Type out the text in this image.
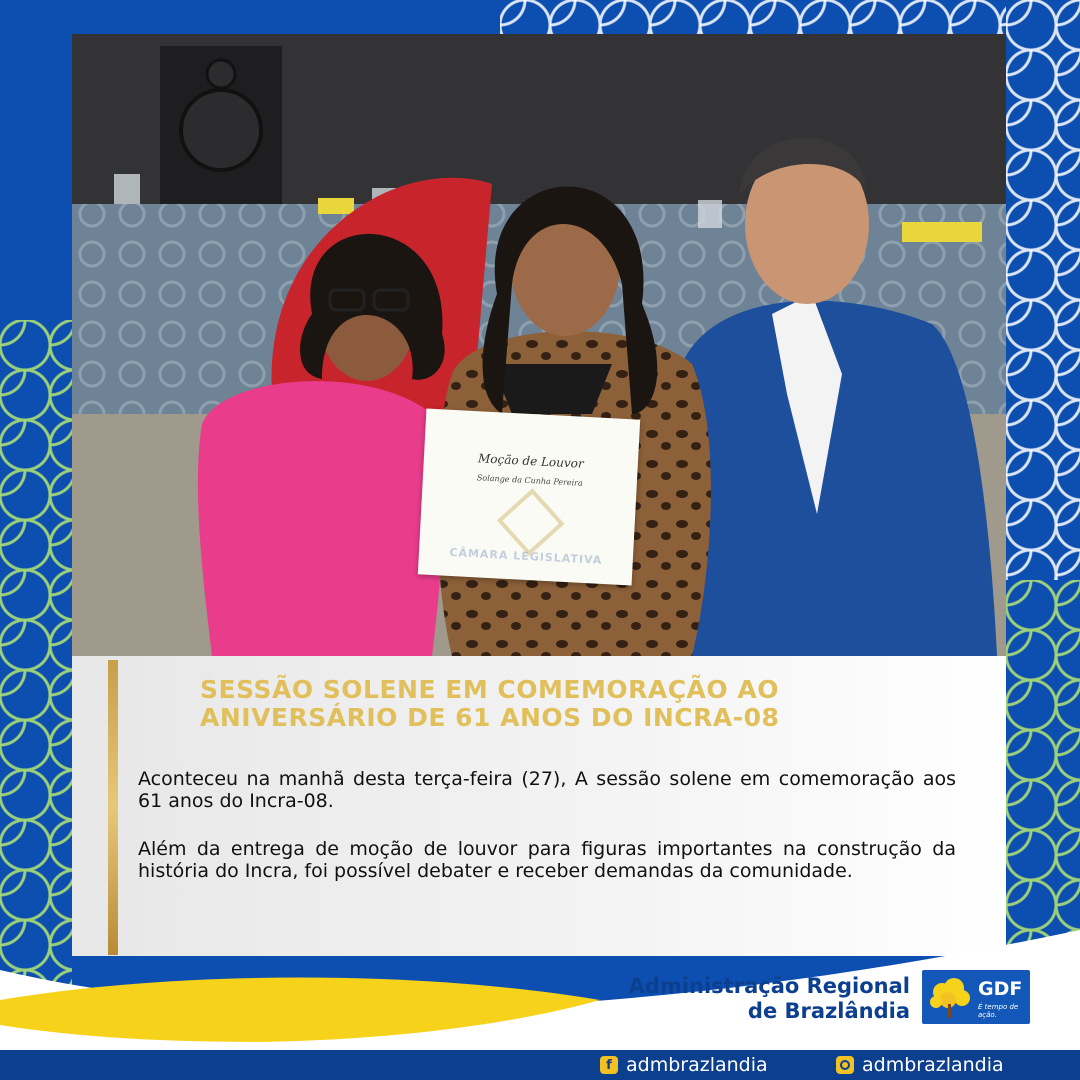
Moção de Louvor
Solange da Cunha Pereira
CÂMARA LEGISLATIVA
SESSÃO SOLENE EM COMEMORAÇÃO AO
ANIVERSÁRIO DE 61 ANOS DO INCRA-08
Aconteceu na manhã desta terça-feira (27), A sessão solene em comemoração aos 61 anos do Incra-08.
Além da entrega de moção de louvor para figuras importantes na construção da história do Incra, foi possível debater e receber demandas da comunidade.
Administração Regional
de Brazlândia
GDF
É tempo de ação.
f admbrazlandia	admbrazlandia
